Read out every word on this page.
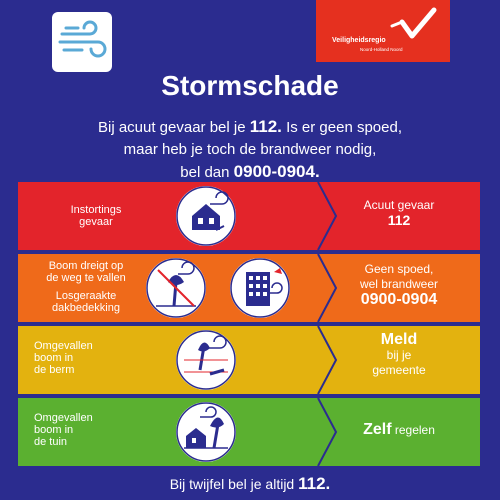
Veiligheidsregio
Noord-Holland Noord
Stormschade
Bij acuut gevaar bel je 112. Is er geen spoed,
maar heb je toch de brandweer nodig,
bel dan 0900-0904.
Instortings
gevaar
Acuut gevaar
112
Boom dreigt op
de weg te vallen
Losgeraakte
dakbedekking
Geen spoed,
wel brandweer
0900-0904
Omgevallen
boom in
de berm
Meld
bij je
gemeente
Omgevallen
boom in
de tuin
Zelf regelen
Bij twijfel bel je altijd 112.
